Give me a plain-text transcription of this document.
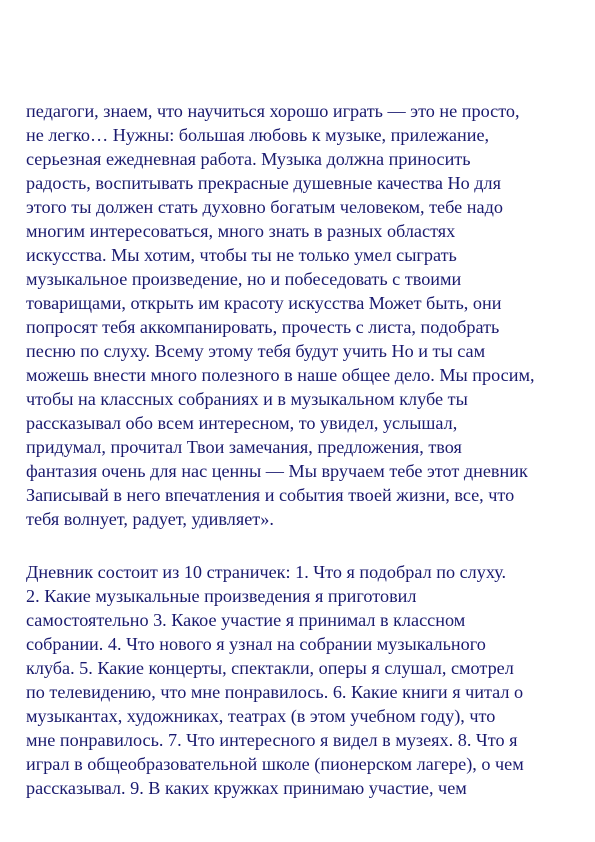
педагоги, знаем, что научиться хорошо играть — это не просто,
не легко… Нужны: большая любовь к музыке, прилежание,
серьезная ежедневная работа. Музыка должна приносить
радость, воспитывать прекрасные душевные качества Но для
этого ты должен стать духовно богатым человеком, тебе надо
многим интересоваться, много знать в разных областях
искусства. Мы хотим, чтобы ты не только умел сыграть
музыкальное произведение, но и побеседовать с твоими
товарищами, открыть им красоту искусства Может быть, они
попросят тебя аккомпанировать, прочесть с листа, подобрать
песню по слуху. Всему этому тебя будут учить Но и ты сам
можешь внести много полезного в наше общее дело. Мы просим,
чтобы на классных собраниях и в музыкальном клубе ты
рассказывал обо всем интересном, то увидел, услышал,
придумал, прочитал Твои замечания, предложения, твоя
фантазия очень для нас ценны — Мы вручаем тебе этот дневник
Записывай в него впечатления и события твоей жизни, все, что
тебя волнует, радует, удивляет».
Дневник состоит из 10 страничек: 1. Что я подобрал по слуху.
2. Какие музыкальные произведения я приготовил
самостоятельно 3. Какое участие я принимал в классном
собрании. 4. Что нового я узнал на собрании музыкального
клуба. 5. Какие концерты, спектакли, оперы я слушал, смотрел
по телевидению, что мне понравилось. 6. Какие книги я читал о
музыкантах, художниках, театрах (в этом учебном году), что
мне понравилось. 7. Что интересного я видел в музеях. 8. Что я
играл в общеобразовательной школе (пионерском лагере), о чем
рассказывал. 9. В каких кружках принимаю участие, чем
